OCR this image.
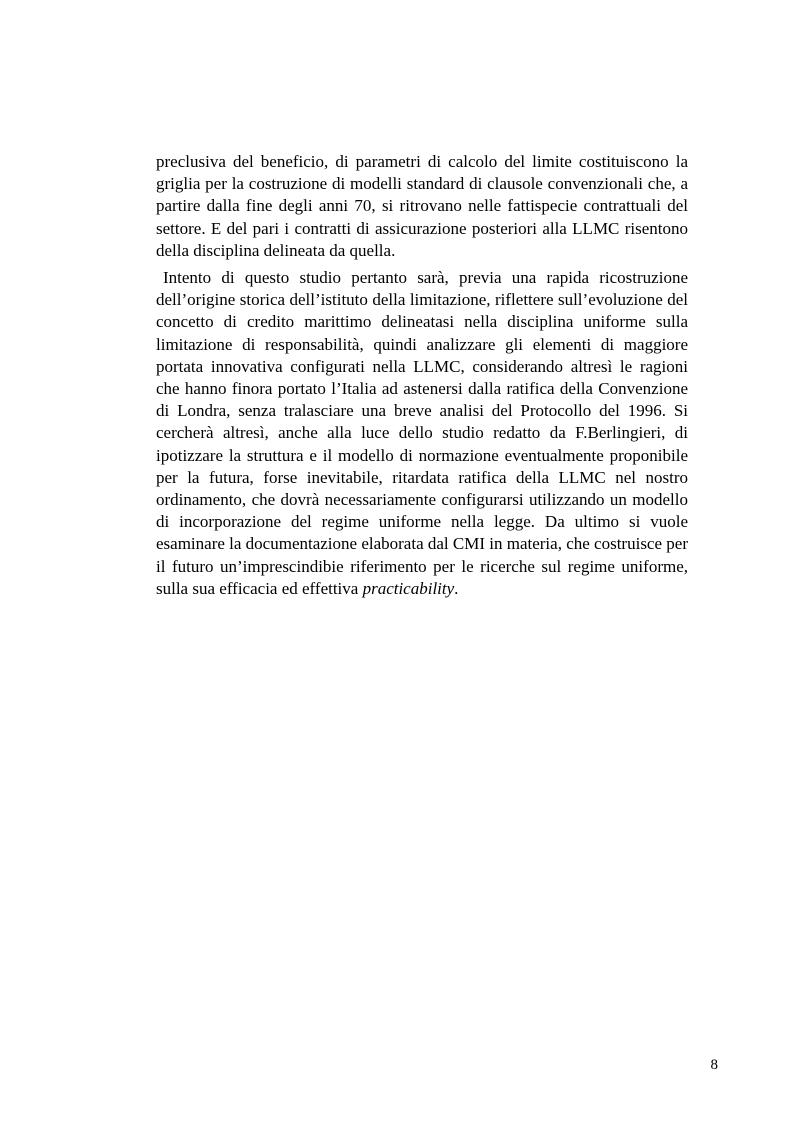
preclusiva del beneficio, di parametri di calcolo del limite costituiscono la griglia per la costruzione di modelli standard di clausole convenzionali che, a partire dalla fine degli anni 70, si ritrovano nelle fattispecie contrattuali del settore. E del pari i contratti di assicurazione posteriori alla LLMC risentono della disciplina delineata da quella.

Intento di questo studio pertanto sarà, previa una rapida ricostruzione dell’origine storica dell’istituto della limitazione, riflettere sull’evoluzione del concetto di credito marittimo delineatasi nella disciplina uniforme sulla limitazione di responsabilità, quindi analizzare gli elementi di maggiore portata innovativa configurati nella LLMC, considerando altresì le ragioni che hanno finora portato l’Italia ad astenersi dalla ratifica della Convenzione di Londra, senza tralasciare una breve analisi del Protocollo del 1996. Si cercherà altresì, anche alla luce dello studio redatto da F.Berlingieri, di ipotizzare la struttura e il modello di normazione eventualmente proponibile per la futura, forse inevitabile, ritardata ratifica della LLMC nel nostro ordinamento, che dovrà necessariamente configurarsi utilizzando un modello di incorporazione del regime uniforme nella legge. Da ultimo si vuole esaminare la documentazione elaborata dal CMI in materia, che costruisce per il futuro un’imprescindibie riferimento per le ricerche sul regime uniforme, sulla sua efficacia ed effettiva practicability.

8
